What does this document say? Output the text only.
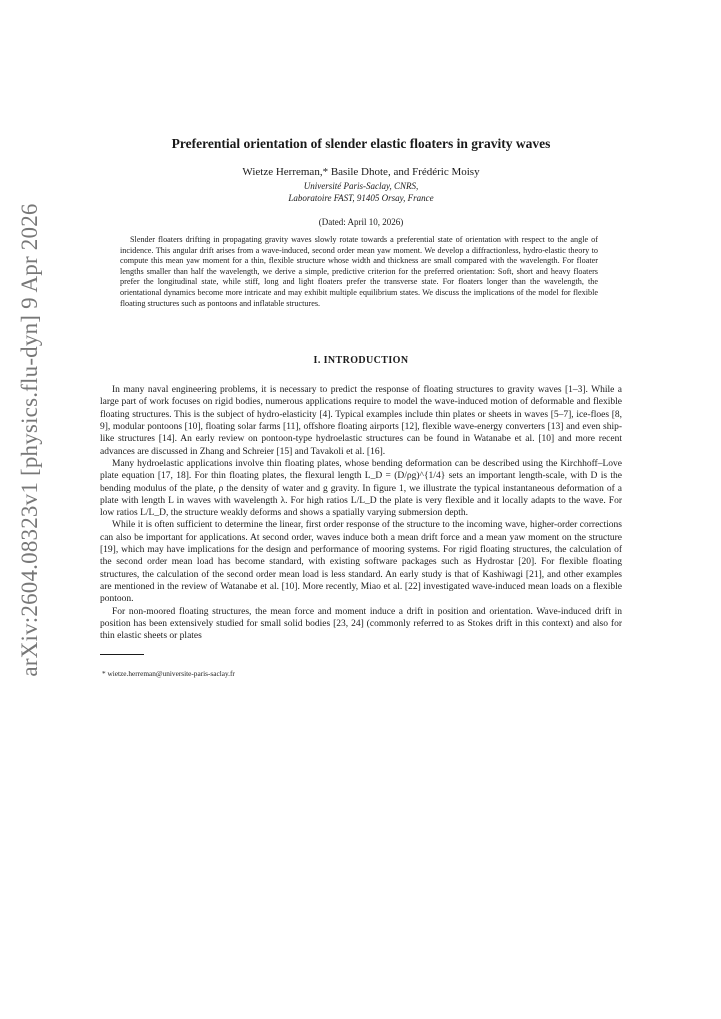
arXiv:2604.08323v1 [physics.flu-dyn] 9 Apr 2026
Preferential orientation of slender elastic floaters in gravity waves
Wietze Herreman,* Basile Dhote, and Frédéric Moisy
Université Paris-Saclay, CNRS,
Laboratoire FAST, 91405 Orsay, France
(Dated: April 10, 2026)
Slender floaters drifting in propagating gravity waves slowly rotate towards a preferential state of orientation with respect to the angle of incidence. This angular drift arises from a wave-induced, second order mean yaw moment. We develop a diffractionless, hydro-elastic theory to compute this mean yaw moment for a thin, flexible structure whose width and thickness are small compared with the wavelength. For floater lengths smaller than half the wavelength, we derive a simple, predictive criterion for the preferred orientation: Soft, short and heavy floaters prefer the longitudinal state, while stiff, long and light floaters prefer the transverse state. For floaters longer than the wavelength, the orientational dynamics become more intricate and may exhibit multiple equilibrium states. We discuss the implications of the model for flexible floating structures such as pontoons and inflatable structures.
I. INTRODUCTION

In many naval engineering problems, it is necessary to predict the response of floating structures to gravity waves [1–3]. While a large part of work focuses on rigid bodies, numerous applications require to model the wave-induced motion of deformable and flexible floating structures. This is the subject of hydro-elasticity [4]. Typical examples include thin plates or sheets in waves [5–7], ice-floes [8, 9], modular pontoons [10], floating solar farms [11], offshore floating airports [12], flexible wave-energy converters [13] and even ship-like structures [14]. An early review on pontoon-type hydroelastic structures can be found in Watanabe et al. [10] and more recent advances are discussed in Zhang and Schreier [15] and Tavakoli et al. [16].

Many hydroelastic applications involve thin floating plates, whose bending deformation can be described using the Kirchhoff–Love plate equation [17, 18]. For thin floating plates, the flexural length L_D = (D/ρg)^{1/4} sets an important length-scale, with D is the bending modulus of the plate, ρ the density of water and g gravity. In figure 1, we illustrate the typical instantaneous deformation of a plate with length L in waves with wavelength λ. For high ratios L/L_D the plate is very flexible and it locally adapts to the wave. For low ratios L/L_D, the structure weakly deforms and shows a spatially varying submersion depth.

While it is often sufficient to determine the linear, first order response of the structure to the incoming wave, higher-order corrections can also be important for applications. At second order, waves induce both a mean drift force and a mean yaw moment on the structure [19], which may have implications for the design and performance of mooring systems. For rigid floating structures, the calculation of the second order mean load has become standard, with existing software packages such as Hydrostar [20]. For flexible floating structures, the calculation of the second order mean load is less standard. An early study is that of Kashiwagi [21], and other examples are mentioned in the review of Watanabe et al. [10]. More recently, Miao et al. [22] investigated wave-induced mean loads on a flexible pontoon.

For non-moored floating structures, the mean force and moment induce a drift in position and orientation. Wave-induced drift in position has been extensively studied for small solid bodies [23, 24] (commonly referred to as Stokes drift in this context) and also for thin elastic sheets or plates

* wietze.herreman@universite-paris-saclay.fr
